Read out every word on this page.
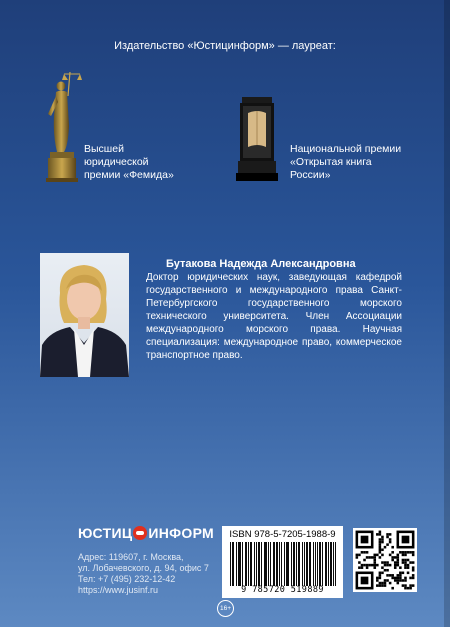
Издательство «Юстицинформ» — лауреат:
Высшей
юридической
премии «Фемида»
Национальной премии
«Открытая книга
России»
Бутакова Надежда Александровна
Доктор юридических наук, заведующая кафедрой государственного и международного права Санкт-Петербургского государственного морского технического университета. Член Ассоциации международного морского права. Научная специализация: международное право, коммерческое транспортное право.
ЮСТИЦ ИНФОРМ
Адрес: 119607, г. Москва,
ул. Лобачевского, д. 94, офис 7
Тел: +7 (495) 232-12-42
https://www.jusinf.ru
ISBN 978-5-7205-1988-9
9 785720 519889
16+
